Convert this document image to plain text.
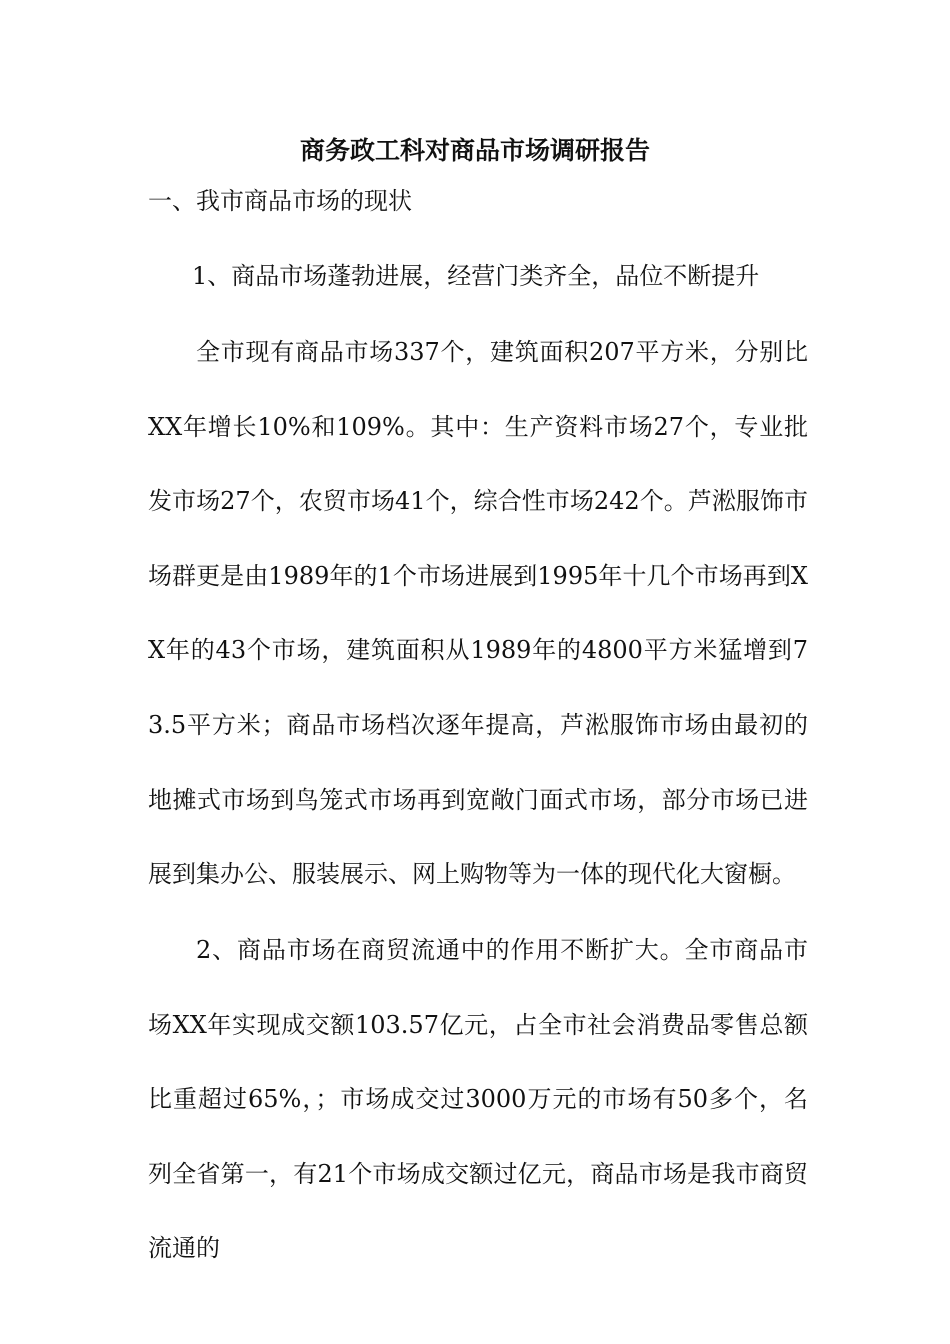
商务政工科对商品市场调研报告
一、我市商品市场的现状
1、商品市场蓬勃进展，经营门类齐全，品位不断提升

全市现有商品市场337个，建筑面积207平方米，分别比XX年增长10%和109%。其中：生产资料市场27个，专业批发市场27个，农贸市场41个，综合性市场242个。芦淞服饰市场群更是由1989年的1个市场进展到1995年十几个市场再到XX年的43个市场，建筑面积从1989年的4800平方米猛增到73.5平方米；商品市场档次逐年提高，芦淞服饰市场由最初的地摊式市场到鸟笼式市场再到宽敞门面式市场，部分市场已进展到集办公、服装展示、网上购物等为一体的现代化大窗橱。

2、商品市场在商贸流通中的作用不断扩大。全市商品市场XX年实现成交额103.57亿元，占全市社会消费品零售总额比重超过65%，；市场成交过3000万元的市场有50多个，名列全省第一，有21个市场成交额过亿元，商品市场是我市商贸流通的
